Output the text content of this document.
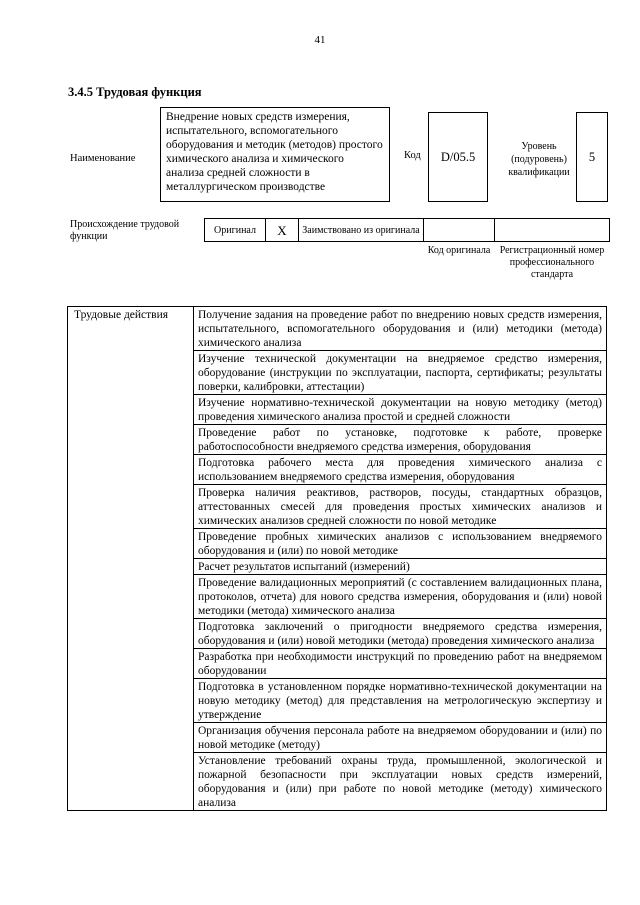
41
3.4.5 Трудовая функция
Наименование
Внедрение новых средств измерения, испытательного, вспомогательного оборудования и методик (методов) простого химического анализа и химического анализа средней сложности в металлургическом производстве
Код D/05.5
Уровень (подуровень) квалификации
5
Происхождение трудовой функции
Оригинал	X	Заимствовано из оригинала		

			Код оригинала	Регистрационный номер профессионального стандарта
Трудовые действия	Получение задания на проведение работ по внедрению новых средств измерения, испытательного, вспомогательного оборудования и (или) методики (метода) химического анализа
Изучение технической документации на внедряемое средство измерения, оборудование (инструкции по эксплуатации, паспорта, сертификаты; результаты поверки, калибровки, аттестации)
Изучение нормативно-технической документации на новую методику (метод) проведения химического анализа простой и средней сложности
Проведение работ по установке, подготовке к работе, проверке работоспособности внедряемого средства измерения, оборудования
Подготовка рабочего места для проведения химического анализа с использованием внедряемого средства измерения, оборудования
Проверка наличия реактивов, растворов, посуды, стандартных образцов, аттестованных смесей для проведения простых химических анализов и химических анализов средней сложности по новой методике
Проведение пробных химических анализов с использованием внедряемого оборудования и (или) по новой методике
Расчет результатов испытаний (измерений)
Проведение валидационных мероприятий (с составлением валидационных плана, протоколов, отчета) для нового средства измерения, оборудования и (или) новой методики (метода) химического анализа
Подготовка заключений о пригодности внедряемого средства измерения, оборудования и (или) новой методики (метода) проведения химического анализа
Разработка при необходимости инструкций по проведению работ на внедряемом оборудовании
Подготовка в установленном порядке нормативно-технической документации на новую методику (метод) для представления на метрологическую экспертизу и утверждение
Организация обучения персонала работе на внедряемом оборудовании и (или) по новой методике (методу)
Установление требований охраны труда, промышленной, экологической и пожарной безопасности при эксплуатации новых средств измерений, оборудования и (или) при работе по новой методике (методу) химического анализа
